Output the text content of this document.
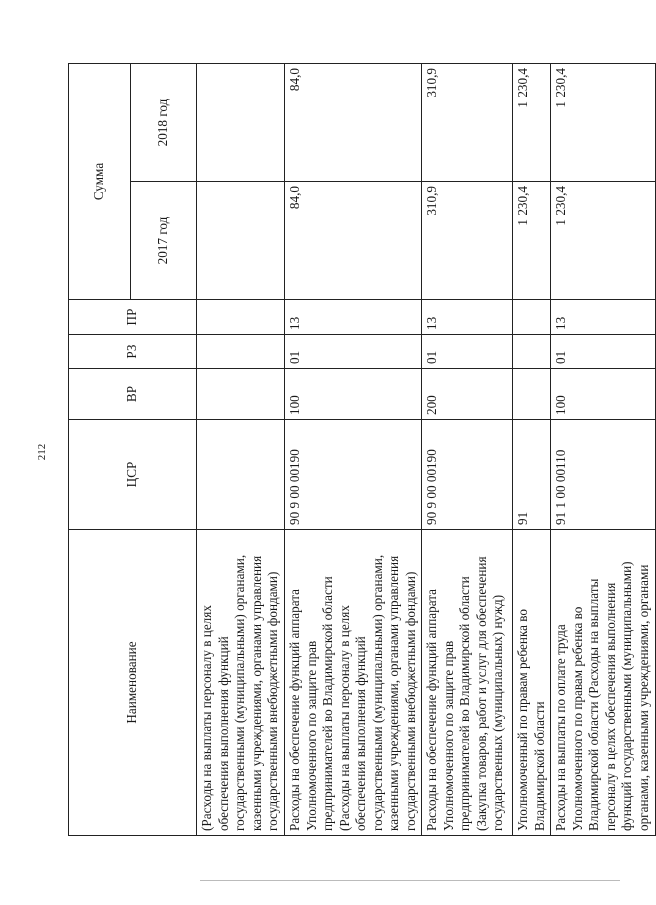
212
Наименование	ЦСР	ВР	РЗ	ПР	Сумма	
					2017 год	2018 год
(Расходы на выплаты персоналу в целях обеспечения выполнения функций государственными (муниципальными) органами, казенными учреждениями, органами управления государственными внебюджетными фондами)						
Расходы на обеспечение функций аппарата Уполномоченного по защите прав предпринимателей во Владимирской области (Расходы на выплаты персоналу в целях обеспечения выполнения функций государственными (муниципальными) органами, казенными учреждениями, органами управления государственными внебюджетными фондами)	90 9 00 00190	100	01	13	84,0	84,0
Расходы на обеспечение функций аппарата Уполномоченного по защите прав предпринимателей во Владимирской области (Закупка товаров, работ и услуг для обеспечения государственных (муниципальных) нужд)	90 9 00 00190	200	01	13	310,9	310,9
Уполномоченный по правам ребенка во Владимирской области	91				1 230,4	1 230,4
Расходы на выплаты по оплате труда Уполномоченного по правам ребенка во Владимирской области (Расходы на выплаты персоналу в целях обеспечения выполнения функций государственными (муниципальными) органами, казенными учреждениями, органами	91 1 00 00110	100	01	13	1 230,4	1 230,4
